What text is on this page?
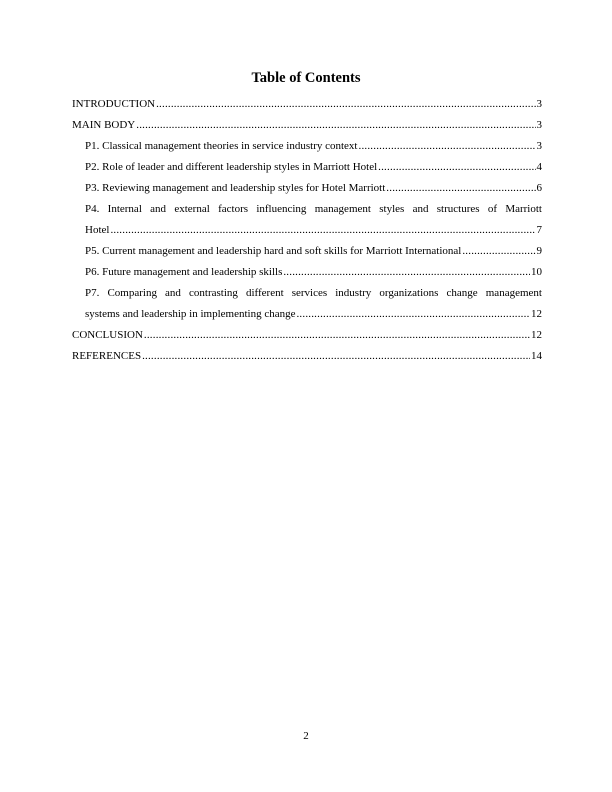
Table of Contents
INTRODUCTION .....	3
MAIN BODY .....	3
P1. Classical management theories in service industry context .....	3
P2. Role of leader and different leadership styles in Marriott Hotel .....	4
P3. Reviewing management and leadership styles for Hotel Marriott .....	6
P4. Internal and external factors influencing management styles and structures of Marriott
Hotel .....	7
P5. Current management and leadership hard and soft skills for Marriott International .....	9
P6. Future management and leadership skills .....	10
P7. Comparing and contrasting different services industry organizations change management
systems and leadership in implementing change .....	12
CONCLUSION .....	12
REFERENCES .....	14
2
